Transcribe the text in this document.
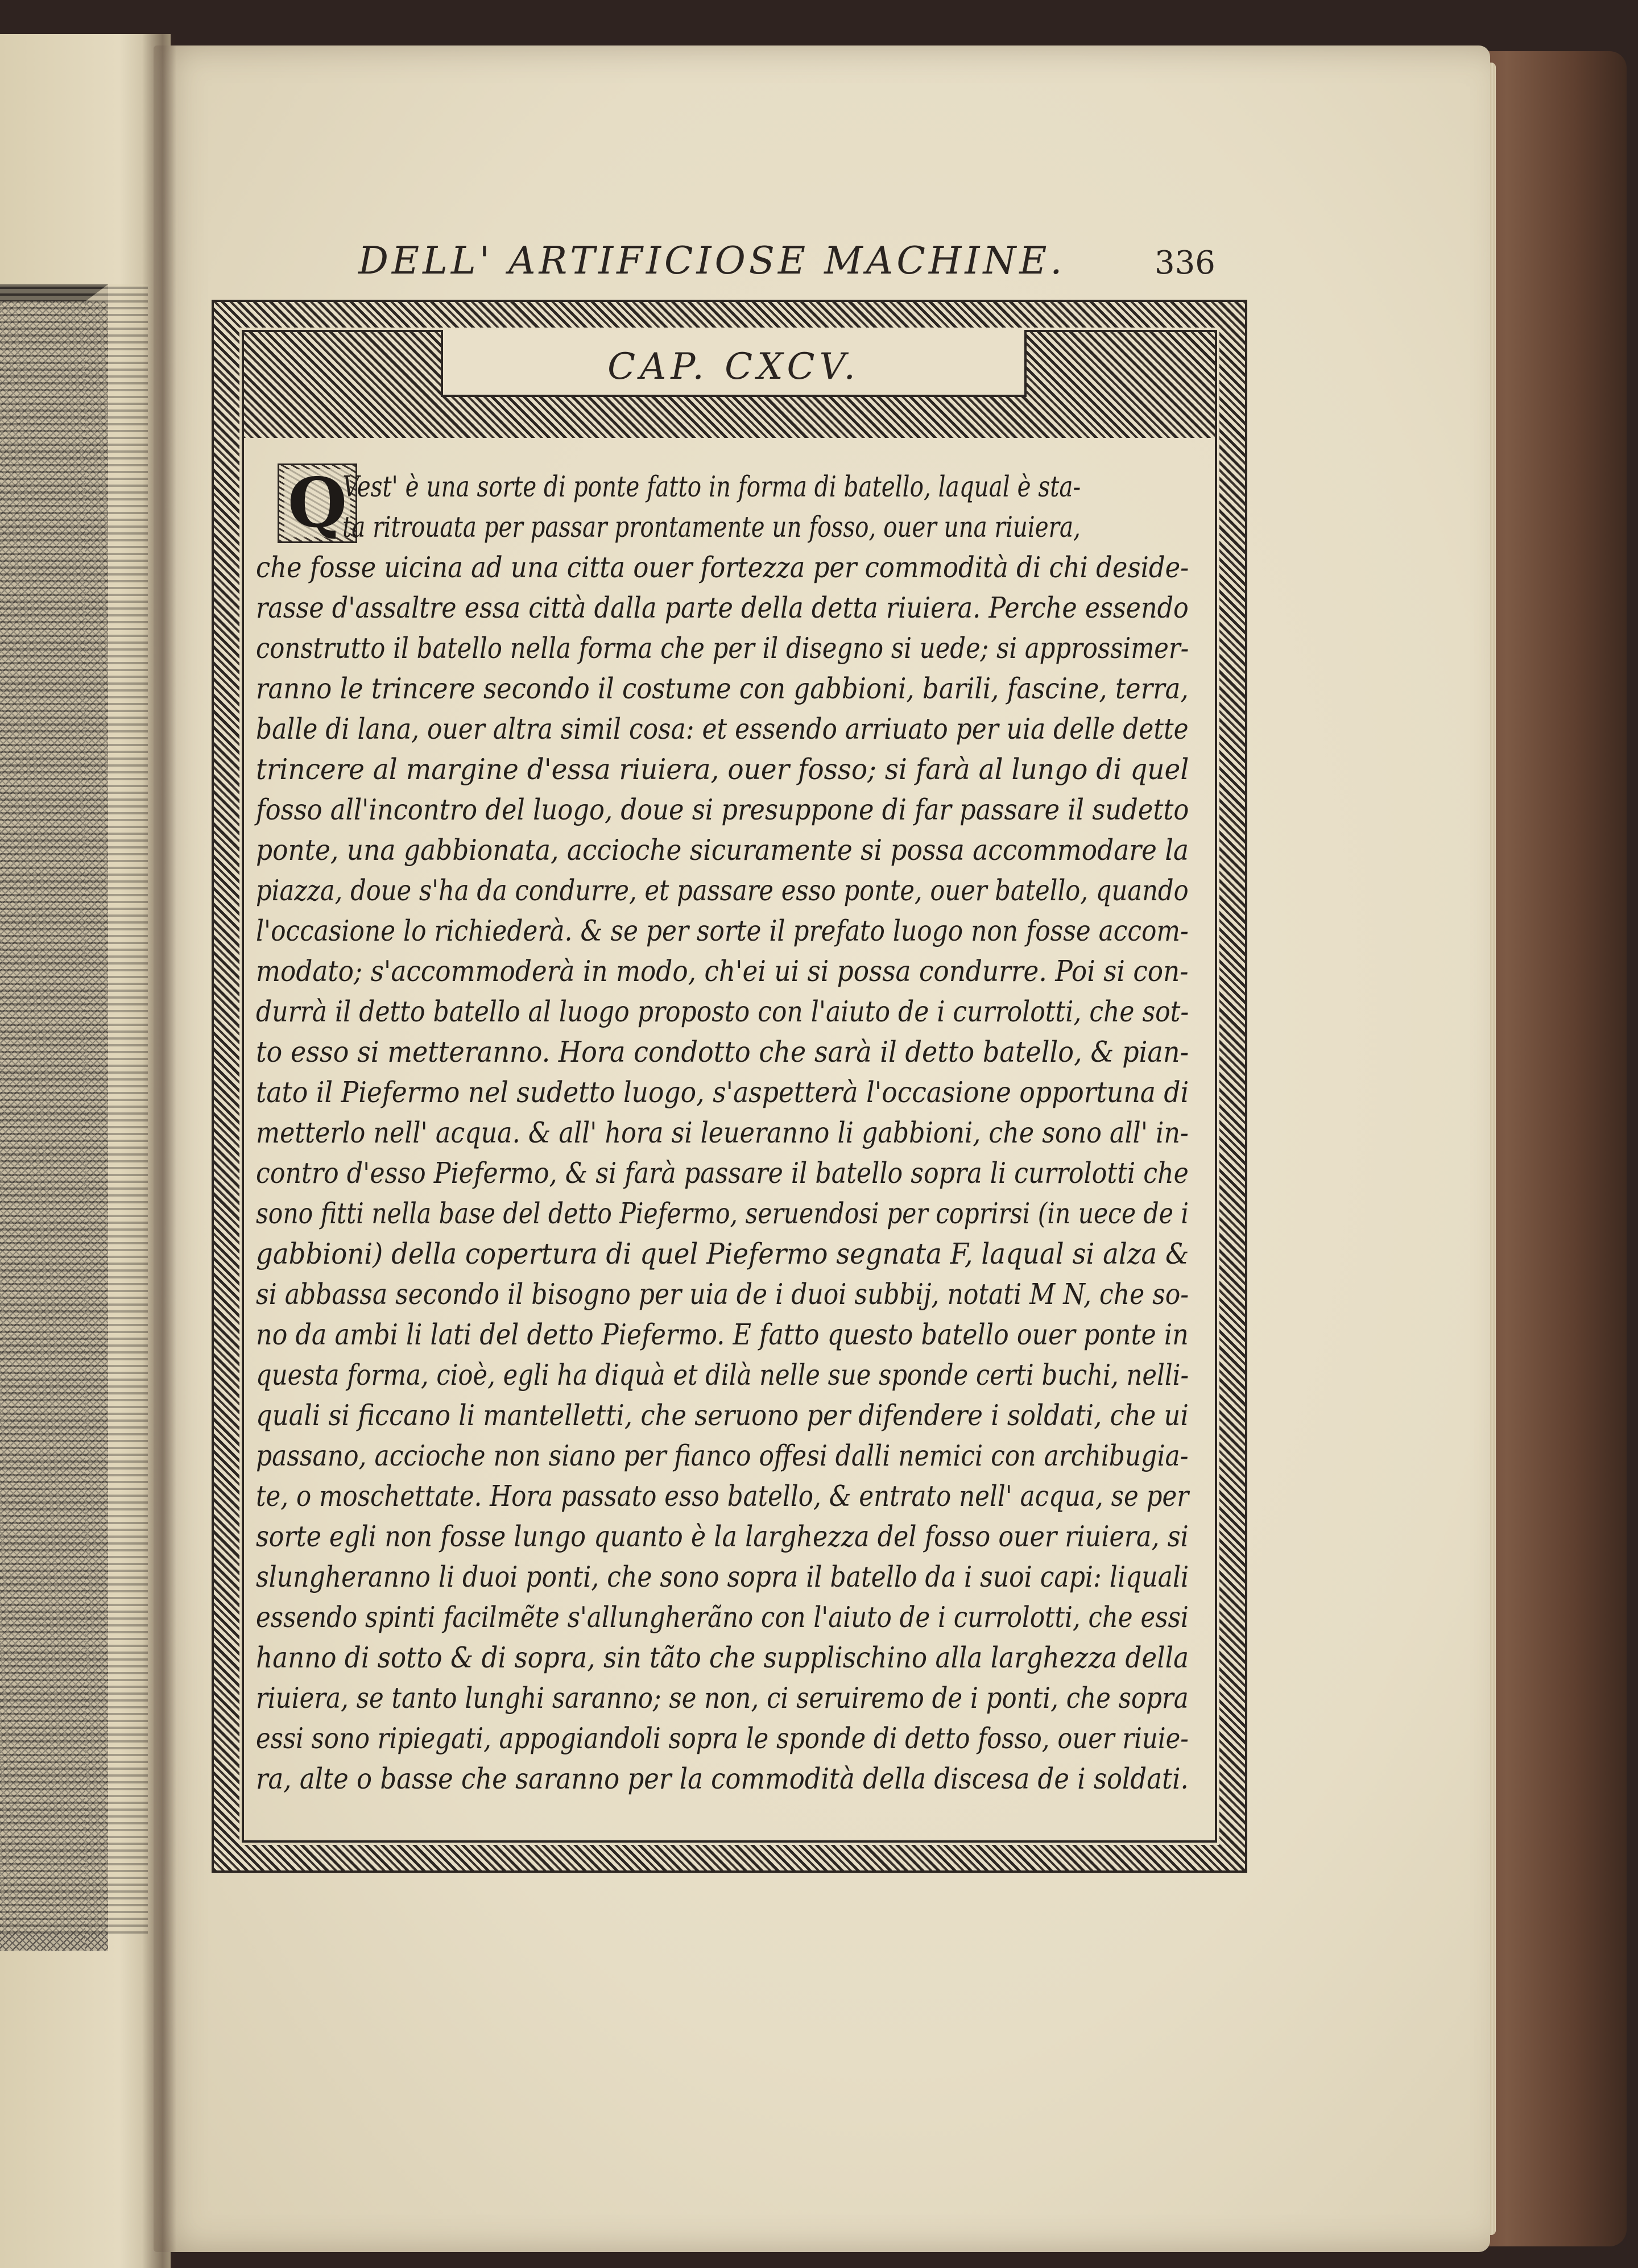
DELL' ARTIFICIOSE MACHINE.	336
CAP. CXCV.
Q
Vest' è una sorte di ponte fatto in forma di batello, laqual è sta-
ta ritrouata per passar prontamente un fosso, ouer una riuiera,
che fosse uicina ad una citta ouer fortezza per commodità di chi deside-
rasse d'assaltre essa città dalla parte della detta riuiera. Perche essendo
construtto il batello nella forma che per il disegno si uede; si approssimer-
ranno le trincere secondo il costume con gabbioni, barili, fascine, terra,
balle di lana, ouer altra simil cosa: et essendo arriuato per uia delle dette
trincere al margine d'essa riuiera, ouer fosso; si farà al lungo di quel
fosso all'incontro del luogo, doue si presuppone di far passare il sudetto
ponte, una gabbionata, accioche sicuramente si possa accommodare la
piazza, doue s'ha da condurre, et passare esso ponte, ouer batello, quando
l'occasione lo richiederà. & se per sorte il prefato luogo non fosse accom-
modato; s'accommoderà in modo, ch'ei ui si possa condurre. Poi si con-
durrà il detto batello al luogo proposto con l'aiuto de i currolotti, che sot-
to esso si metteranno. Hora condotto che sarà il detto batello, & pian-
tato il Piefermo nel sudetto luogo, s'aspetterà l'occasione opportuna di
metterlo nell' acqua. & all' hora si leueranno li gabbioni, che sono all' in-
contro d'esso Piefermo, & si farà passare il batello sopra li currolotti che
sono fitti nella base del detto Piefermo, seruendosi per coprirsi (in uece de i
gabbioni) della copertura di quel Piefermo segnata F, laqual si alza &
si abbassa secondo il bisogno per uia de i duoi subbij, notati M N, che so-
no da ambi li lati del detto Piefermo. E fatto questo batello ouer ponte in
questa forma, cioè, egli ha diquà et dilà nelle sue sponde certi buchi, nelli-
quali si ficcano li mantelletti, che seruono per difendere i soldati, che ui
passano, accioche non siano per fianco offesi dalli nemici con archibugia-
te, o moschettate. Hora passato esso batello, & entrato nell' acqua, se per
sorte egli non fosse lungo quanto è la larghezza del fosso ouer riuiera, si
slungheranno li duoi ponti, che sono sopra il batello da i suoi capi: liquali
essendo spinti facilmẽte s'allungherãno con l'aiuto de i currolotti, che essi
hanno di sotto & di sopra, sin tãto che supplischino alla larghezza della
riuiera, se tanto lunghi saranno; se non, ci seruiremo de i ponti, che sopra
essi sono ripiegati, appogiandoli sopra le sponde di detto fosso, ouer riuie-
ra, alte o basse che saranno per la commodità della discesa de i soldati.
